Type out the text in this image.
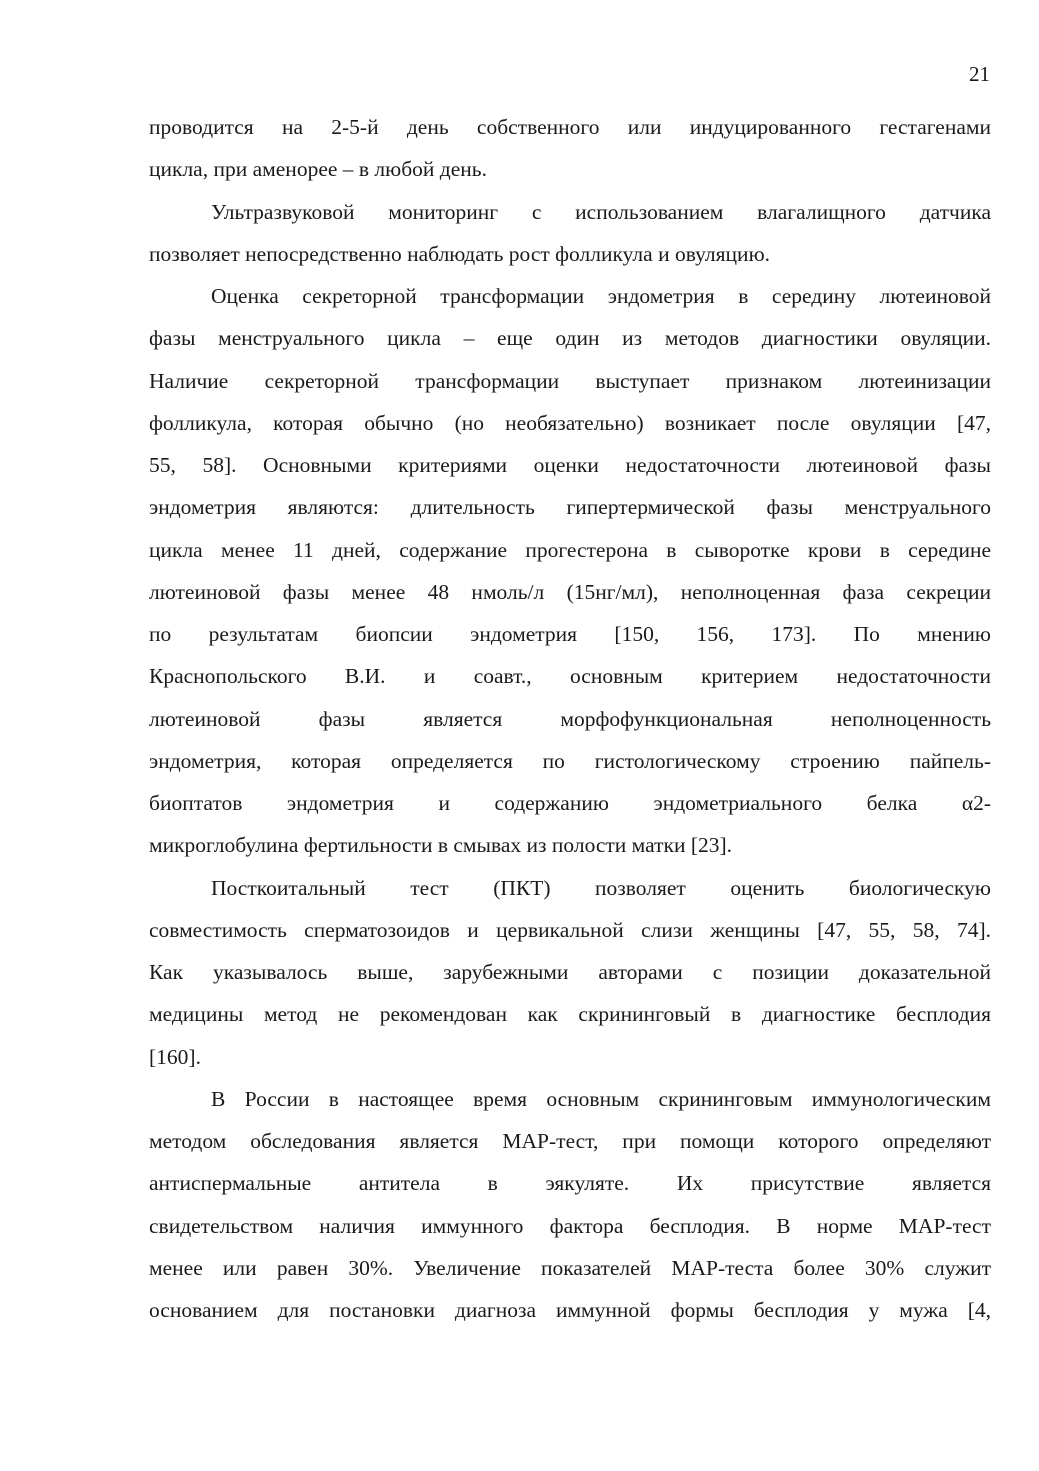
21
проводится на 2-5-й день собственного или индуцированного гестагенами
цикла, при аменорее – в любой день.
Ультразвуковой мониторинг с использованием влагалищного датчика
позволяет непосредственно наблюдать рост фолликула и овуляцию.
Оценка секреторной трансформации эндометрия в середину лютеиновой
фазы менструального цикла – еще один из методов диагностики овуляции.
Наличие секреторной трансформации выступает признаком лютеинизации
фолликула, которая обычно (но необязательно) возникает после овуляции [47,
55, 58]. Основными критериями оценки недостаточности лютеиновой фазы
эндометрия являются: длительность гипертермической фазы менструального
цикла менее 11 дней, содержание прогестерона в сыворотке крови в середине
лютеиновой фазы менее 48 нмоль/л (15нг/мл), неполноценная фаза секреции
по результатам биопсии эндометрия [150, 156, 173]. По мнению
Краснопольского В.И. и соавт., основным критерием недостаточности
лютеиновой фазы является морфофункциональная неполноценность
эндометрия, которая определяется по гистологическому строению пайпель-
биоптатов эндометрия и содержанию эндометриального белка α2-
микроглобулина фертильности в смывах из полости матки [23].
Посткоитальный тест (ПКТ) позволяет оценить биологическую
совместимость сперматозоидов и цервикальной слизи женщины [47, 55, 58, 74].
Как указывалось выше, зарубежными авторами с позиции доказательной
медицины метод не рекомендован как скрининговый в диагностике бесплодия
[160].
В России в настоящее время основным скрининговым иммунологическим
методом обследования является МАР-тест, при помощи которого определяют
антиспермальные антитела в эякуляте. Их присутствие является
свидетельством наличия иммунного фактора бесплодия. В норме МАР-тест
менее или равен 30%. Увеличение показателей МАР-теста более 30% служит
основанием для постановки диагноза иммунной формы бесплодия у мужа [4,
